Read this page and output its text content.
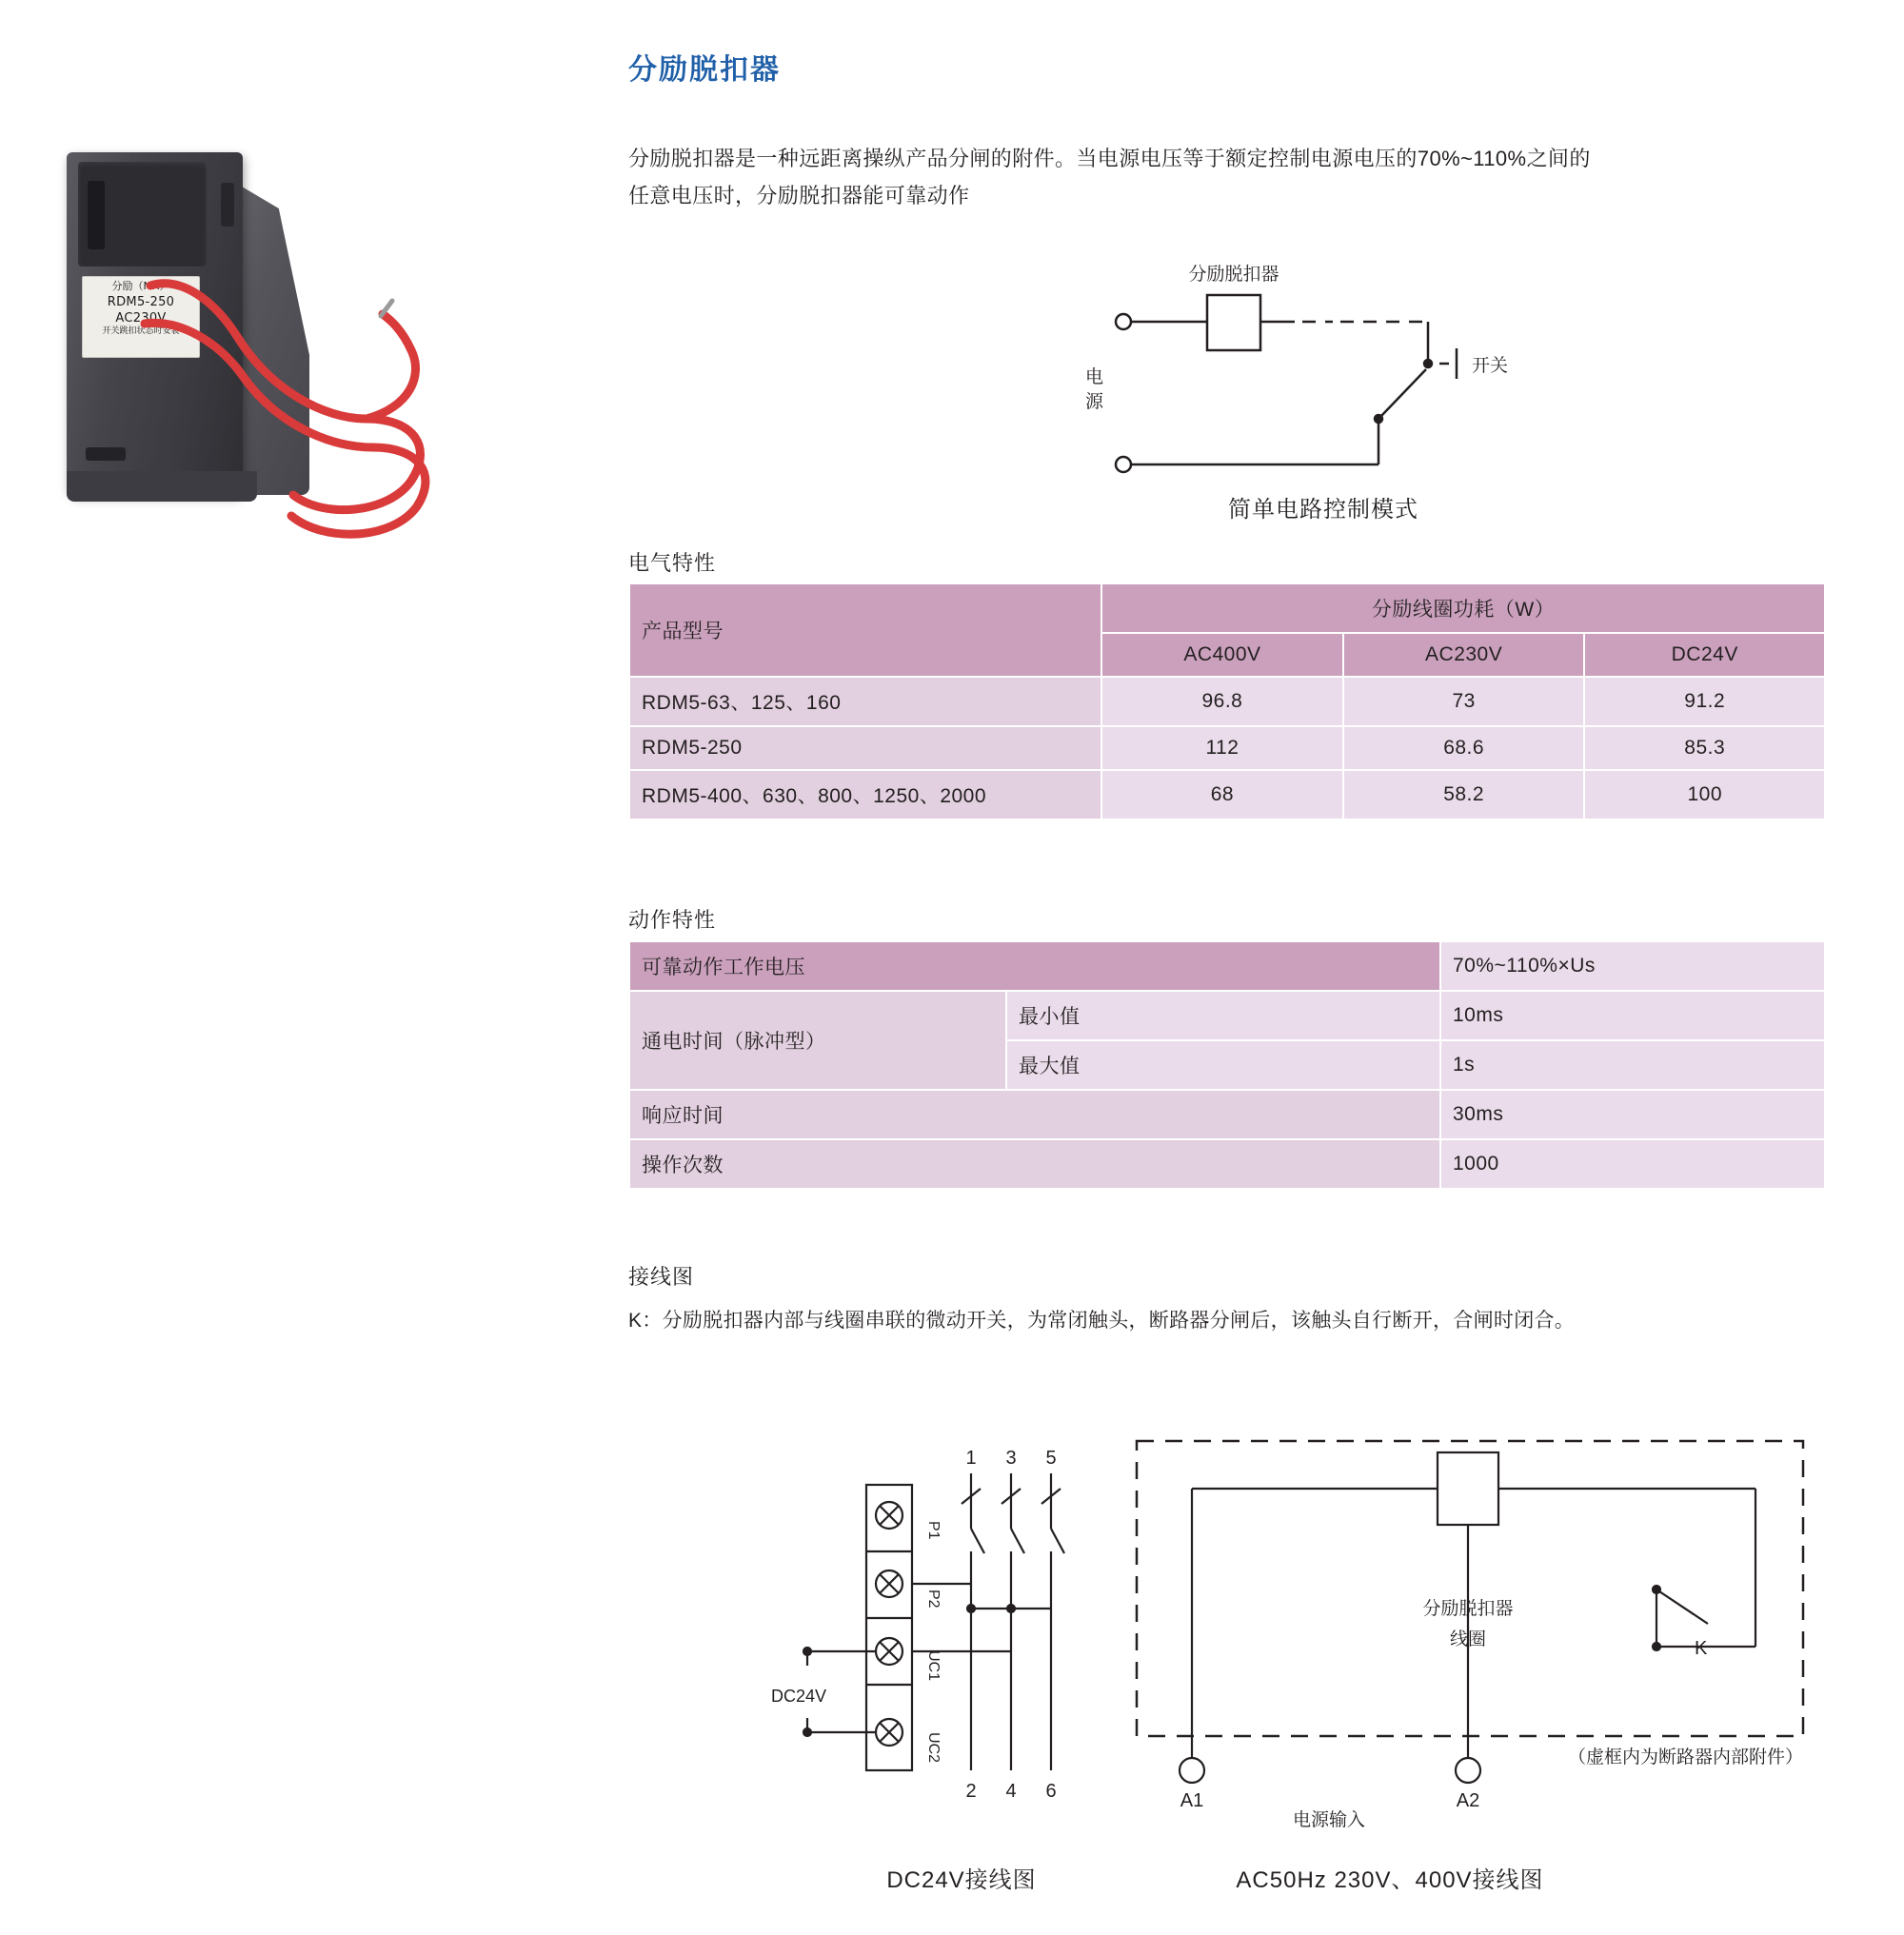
分励（MX）
RDM5-250
AC230V
开关跳扣状态时安装
分励脱扣器
分励脱扣器是一种远距离操纵产品分闸的附件。当电源电压等于额定控制电源电压的70%~110%之间的任意电压时，分励脱扣器能可靠动作
分励脱扣器
电
源
开关
简单电路控制模式
电气特性
产品型号	分励线圈功耗（W）		
	AC400V	AC230V	DC24V
RDM5-63、125、160	96.8	73	91.2
RDM5-250	112	68.6	85.3
RDM5-400、630、800、1250、2000	68	58.2	100
动作特性
可靠动作工作电压		70%~110%×Us
通电时间（脉冲型）	最小值	10ms
	最大值	1s
响应时间		30ms
操作次数		1000
接线图
K：分励脱扣器内部与线圈串联的微动开关，为常闭触头，断路器分闸后，该触头自行断开，合闸时闭合。
1 3 5
2 4 6
P1
P2
UC1
UC2
DC24V
DC24V接线图
分励脱扣器
线圈	K
A1	A2
电源输入
（虚框内为断路器内部附件）
AC50Hz 230V、400V接线图
